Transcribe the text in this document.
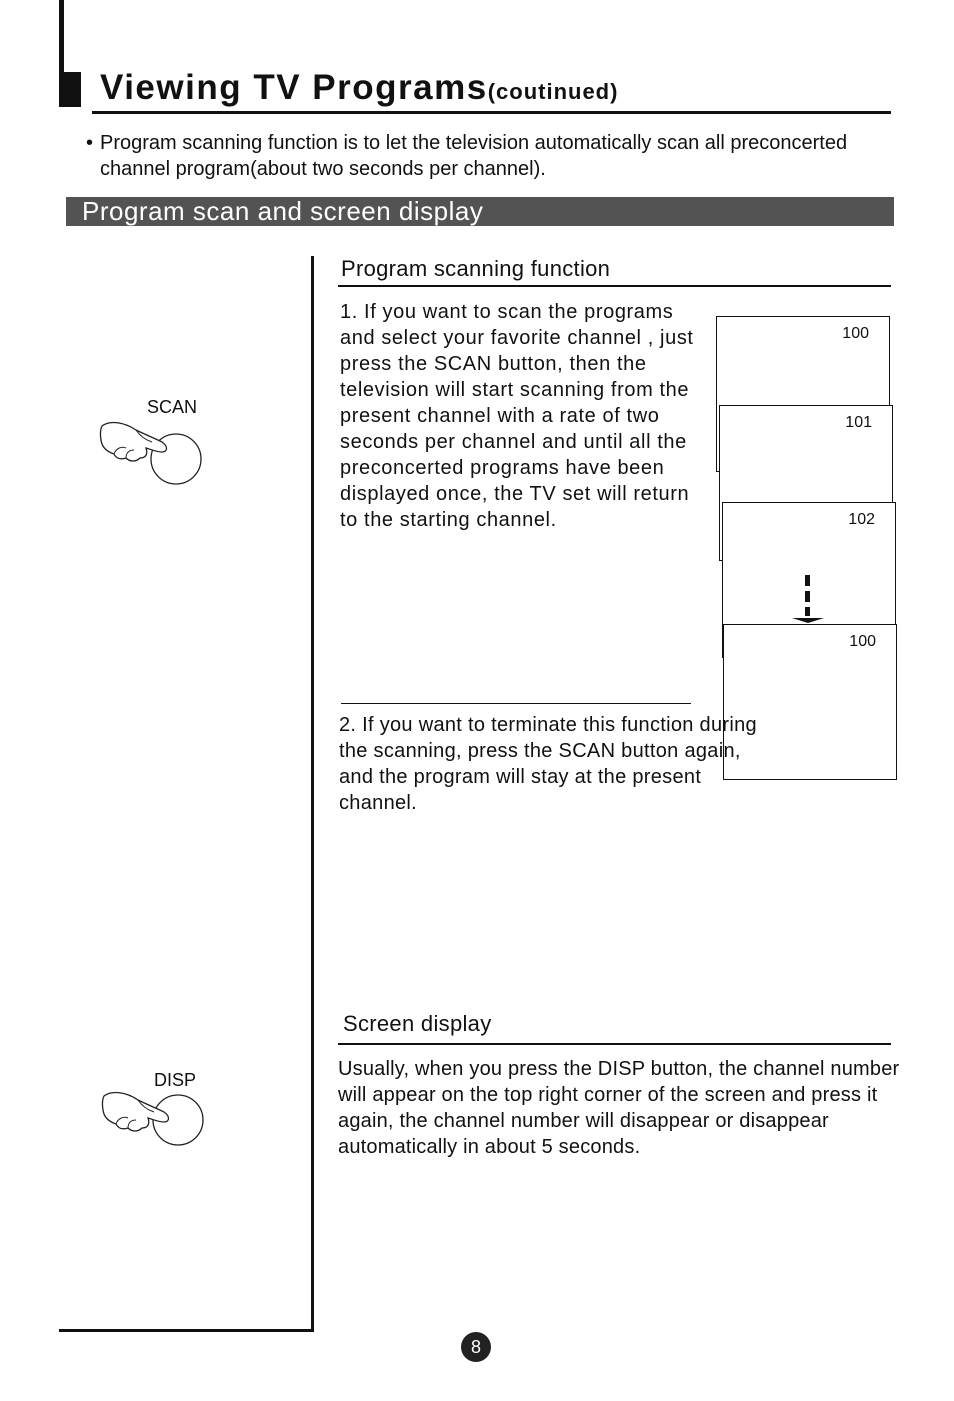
Viewing TV Programs(coutinued)
• Program scanning function is to let the television automatically scan all preconcerted channel program(about two seconds per channel).
Program scan and screen display
SCAN
Program scanning function
1. If you want to scan the programs and select your favorite channel , just press the SCAN button, then the television will start scanning from the present channel with a rate of two seconds per channel and until all the preconcerted programs have been displayed once, the TV set will return to the starting channel.
100
101
102
100
2. If you want to terminate this function during the scanning, press the SCAN button again, and the program will stay at the present channel.
DISP
Screen display
Usually, when you press the DISP button, the channel number will appear on the top right corner of the screen and press it again, the channel number will disappear or disappear automatically in about 5 seconds.
8
